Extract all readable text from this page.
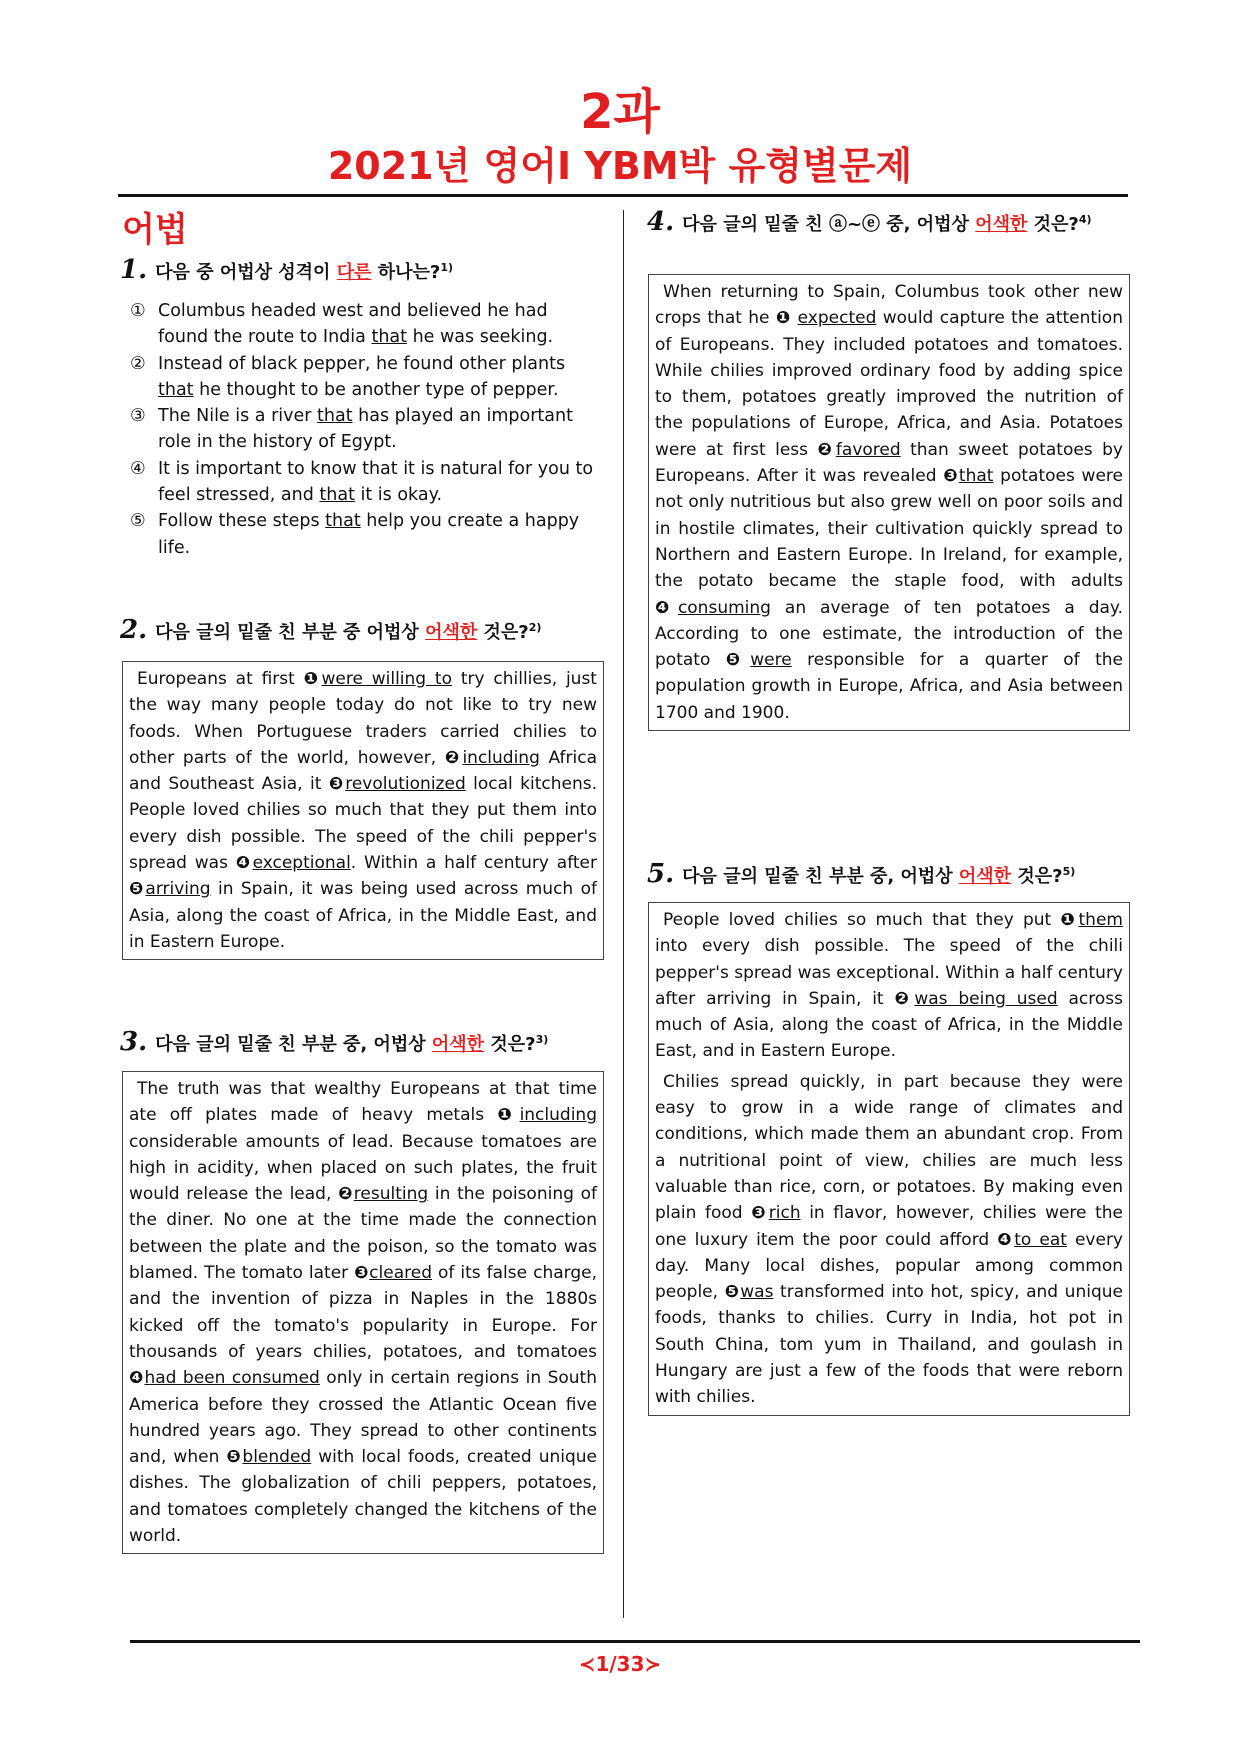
2과
2021년 영어Ⅰ YBM박 유형별문제
어법
1. 다음 중 어법상 성격이 다른 하나는?$^{1)}$
① Columbus headed west and believed he had found the route to India that he was seeking.
② Instead of black pepper, he found other plants that he thought to be another type of pepper.
③ The Nile is a river that has played an important role in the history of Egypt.
④ It is important to know that it is natural for you to feel stressed, and that it is okay.
⑤ Follow these steps that help you create a happy life.
2. 다음 글의 밑줄 친 부분 중 어법상 어색한 것은?$^{2)}$

Europeans at first ❶were willing to try chillies, just the way many people today do not like to try new foods. When Portuguese traders carried chilies to other parts of the world, however, ❷including Africa and Southeast Asia, it ❸revolutionized local kitchens. People loved chilies so much that they put them into every dish possible. The speed of the chili pepper's spread was ❹exceptional. Within a half century after ❺arriving in Spain, it was being used across much of Asia, along the coast of Africa, in the Middle East, and in Eastern Europe.

3. 다음 글의 밑줄 친 부분 중, 어법상 어색한 것은?$^{3)}$

The truth was that wealthy Europeans at that time ate off plates made of heavy metals ❶including considerable amounts of lead. Because tomatoes are high in acidity, when placed on such plates, the fruit would release the lead, ❷resulting in the poisoning of the diner. No one at the time made the connection between the plate and the poison, so the tomato was blamed. The tomato later ❸cleared of its false charge, and the invention of pizza in Naples in the 1880s kicked off the tomato's popularity in Europe. For thousands of years chilies, potatoes, and tomatoes ❹had been consumed only in certain regions in South America before they crossed the Atlantic Ocean five hundred years ago. They spread to other continents and, when ❺blended with local foods, created unique dishes. The globalization of chili peppers, potatoes, and tomatoes completely changed the kitchens of the world.

4. 다음 글의 밑줄 친 ⓐ~ⓔ 중, 어법상 어색한 것은?$^{4)}$

When returning to Spain, Columbus took other new crops that he ❶ expected would capture the attention of Europeans. They included potatoes and tomatoes. While chilies improved ordinary food by adding spice to them, potatoes greatly improved the nutrition of the populations of Europe, Africa, and Asia. Potatoes were at first less ❷favored than sweet potatoes by Europeans. After it was revealed ❸that potatoes were not only nutritious but also grew well on poor soils and in hostile climates, their cultivation quickly spread to Northern and Eastern Europe. In Ireland, for example, the potato became the staple food, with adults ❹consuming an average of ten potatoes a day. According to one estimate, the introduction of the potato ❺were responsible for a quarter of the population growth in Europe, Africa, and Asia between 1700 and 1900.

5. 다음 글의 밑줄 친 부분 중, 어법상 어색한 것은?$^{5)}$

People loved chilies so much that they put ❶them into every dish possible. The speed of the chili pepper's spread was exceptional. Within a half century after arriving in Spain, it ❷was being used across much of Asia, along the coast of Africa, in the Middle East, and in Eastern Europe.

Chilies spread quickly, in part because they were easy to grow in a wide range of climates and conditions, which made them an abundant crop. From a nutritional point of view, chilies are much less valuable than rice, corn, or potatoes. By making even plain food ❸rich in flavor, however, chilies were the one luxury item the poor could afford ❹to eat every day. Many local dishes, popular among common people, ❺was transformed into hot, spicy, and unique foods, thanks to chilies. Curry in India, hot pot in South China, tom yum in Thailand, and goulash in Hungary are just a few of the foods that were reborn with chilies.

≺1/33≻
